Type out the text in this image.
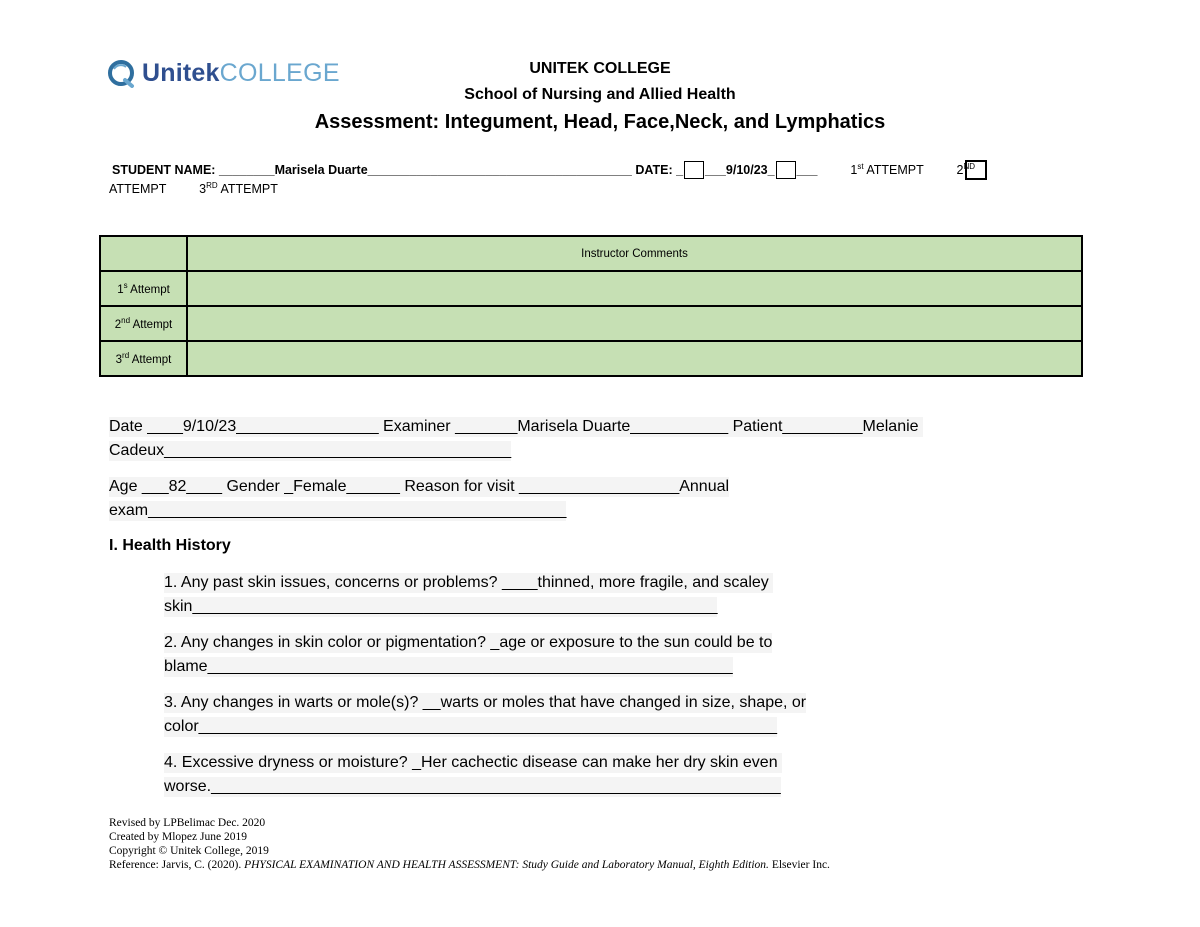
Unitek COLLEGE	UNITEK COLLEGE
School of Nursing and Allied Health
Assessment: Integument, Head, Face,Neck, and Lymphatics
STUDENT NAME: ________Marisela Duarte______________________________________ DATE: _ ___9/10/23_ ___	1st ATTEMPT	2ND
ATTEMPT	3RD ATTEMPT
	Instructor Comments
1$^s$ Attempt	
2nd Attempt	
3rd Attempt	
Date ____9/10/23________________ Examiner _______Marisela Duarte___________ Patient_________Melanie
Cadeux_______________________________________
Age ___82____ Gender _Female______ Reason for visit __________________Annual
exam_______________________________________________
I. Health History
1. Any past skin issues, concerns or problems? ____thinned, more fragile, and scaley
skin___________________________________________________________
2. Any changes in skin color or pigmentation? _age or exposure to the sun could be to
blame___________________________________________________________
3. Any changes in warts or mole(s)? __warts or moles that have changed in size, shape, or
color_________________________________________________________________
4. Excessive dryness or moisture? _Her cachectic disease can make her dry skin even
worse.________________________________________________________________
Revised by LPBelimac Dec. 2020
Created by Mlopez June 2019
Copyright © Unitek College, 2019
Reference: Jarvis, C. (2020). PHYSICAL EXAMINATION AND HEALTH ASSESSMENT: Study Guide and Laboratory Manual, Eighth Edition. Elsevier Inc.
